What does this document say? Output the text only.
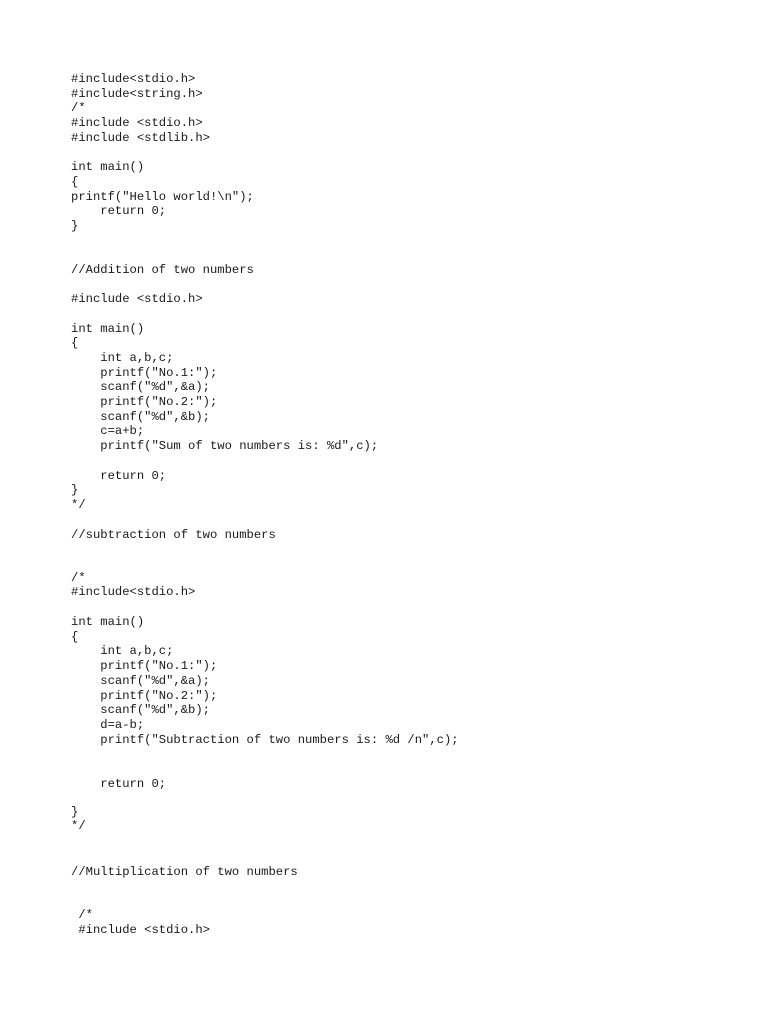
#include<stdio.h>
#include<string.h>
/*
#include <stdio.h>
#include <stdlib.h>
int main()
{
printf("Hello world!\n");
return 0;
}
//Addition of two numbers
#include <stdio.h>
int main()
{
int a,b,c;
printf("No.1:");
scanf("%d",&a);
printf("No.2:");
scanf("%d",&b);
c=a+b;
printf("Sum of two numbers is: %d",c);
return 0;
}
*/
//subtraction of two numbers
/*
#include<stdio.h>
int main()
{
int a,b,c;
printf("No.1:");
scanf("%d",&a);
printf("No.2:");
scanf("%d",&b);
d=a-b;
printf("Subtraction of two numbers is: %d /n",c);
return 0;
}
*/
//Multiplication of two numbers
/*
#include <stdio.h>
